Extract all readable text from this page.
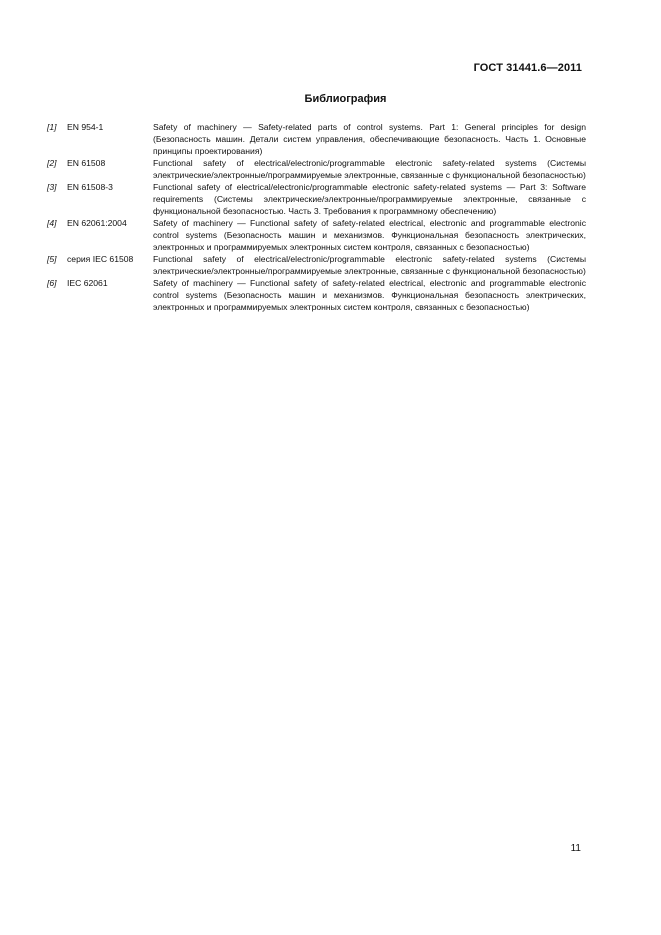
ГОСТ 31441.6—2011
Библиография
[1]	EN 954-1	Safety of machinery — Safety-related parts of control systems. Part 1: General principles for design (Безопасность машин. Детали систем управления, обеспечивающие безопасность. Часть 1. Основные принципы проектирования)
[2]	EN 61508	Functional safety of electrical/electronic/programmable electronic safety-related systems (Системы электрические/электронные/программируемые электронные, связанные с функциональной безопасностью)
[3]	EN 61508-3	Functional safety of electrical/electronic/programmable electronic safety-related systems — Part 3: Software requirements (Системы электрические/электронные/программируемые электронные, связанные с функциональной безопасностью. Часть 3. Требования к программному обеспечению)
[4]	EN 62061:2004	Safety of machinery — Functional safety of safety-related electrical, electronic and programmable electronic control systems (Безопасность машин и механизмов. Функциональная безопасность электрических, электронных и программируемых электронных систем контроля, связанных с безопасностью)
[5]	серия IEC 61508	Functional safety of electrical/electronic/programmable electronic safety-related systems (Системы электрические/электронные/программируемые электронные, связанные с функциональной безопасностью)
[6]	IEC 62061	Safety of machinery — Functional safety of safety-related electrical, electronic and programmable electronic control systems (Безопасность машин и механизмов. Функциональная безопасность электрических, электронных и программируемых электронных систем контроля, связанных с безопасностью)
11
